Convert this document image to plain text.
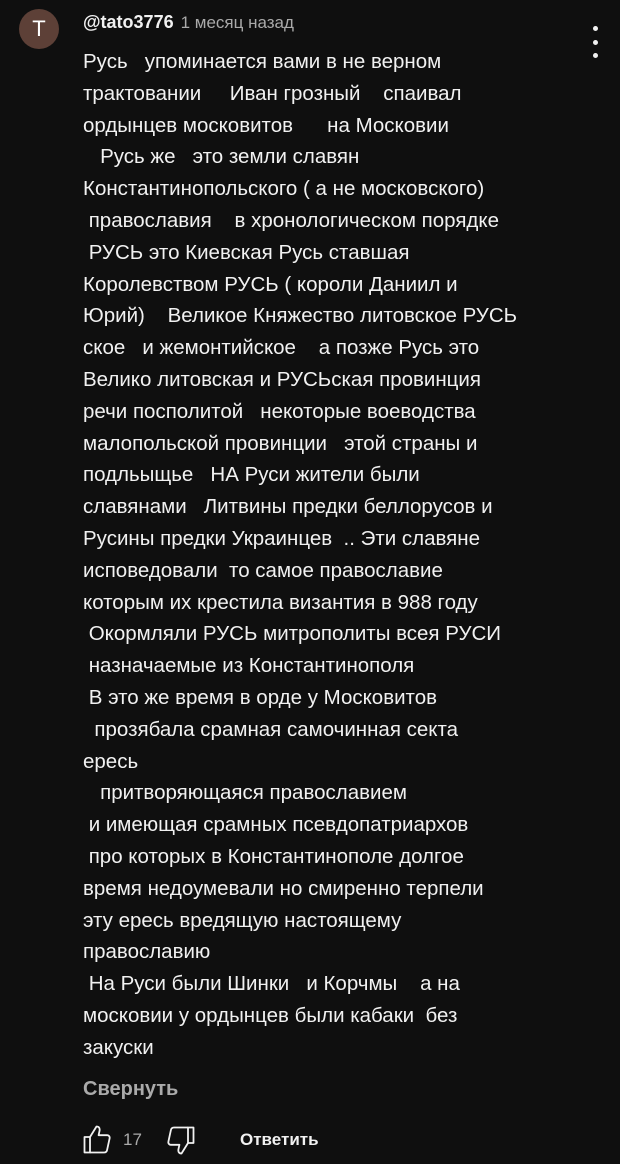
T	@tato3776 1 месяц назад
Русь   упоминается вами в не верном
трактовании     Иван грозный    спаивал
ордынцев московитов      на Московии
Русь же   это земли славян
Константинопольского ( а не московского)
православия    в хронологическом порядке
РУСЬ это Киевская Русь ставшая
Королевством РУСЬ ( короли Даниил и
Юрий)    Великое Княжество литовское РУСЬ
ское   и жемонтийское    а позже Русь это
Велико литовская и РУСЬская провинция
речи посполитой   некоторые воеводства
малопольской провинции   этой страны и
подльыщье   НА Руси жители были
славянами   Литвины предки беллорусов и
Русины предки Украинцев  .. Эти славяне
исповедовали  то самое православие
которым их крестила византия в 988 году
Окормляли РУСЬ митрополиты всея РУСИ
назначаемые из Константинополя
В это же время в орде у Московитов
прозябала срамная самочинная секта
ересь
притворяющаяся православием
и имеющая срамных псевдопатриархов
про которых в Константинополе долгое
время недоумевали но смиренно терпели
эту ересь вредящую настоящему
православию
На Руси были Шинки   и Корчмы    а на
московии у ордынцев были кабаки  без
закуски
Свернуть
17	Ответить
